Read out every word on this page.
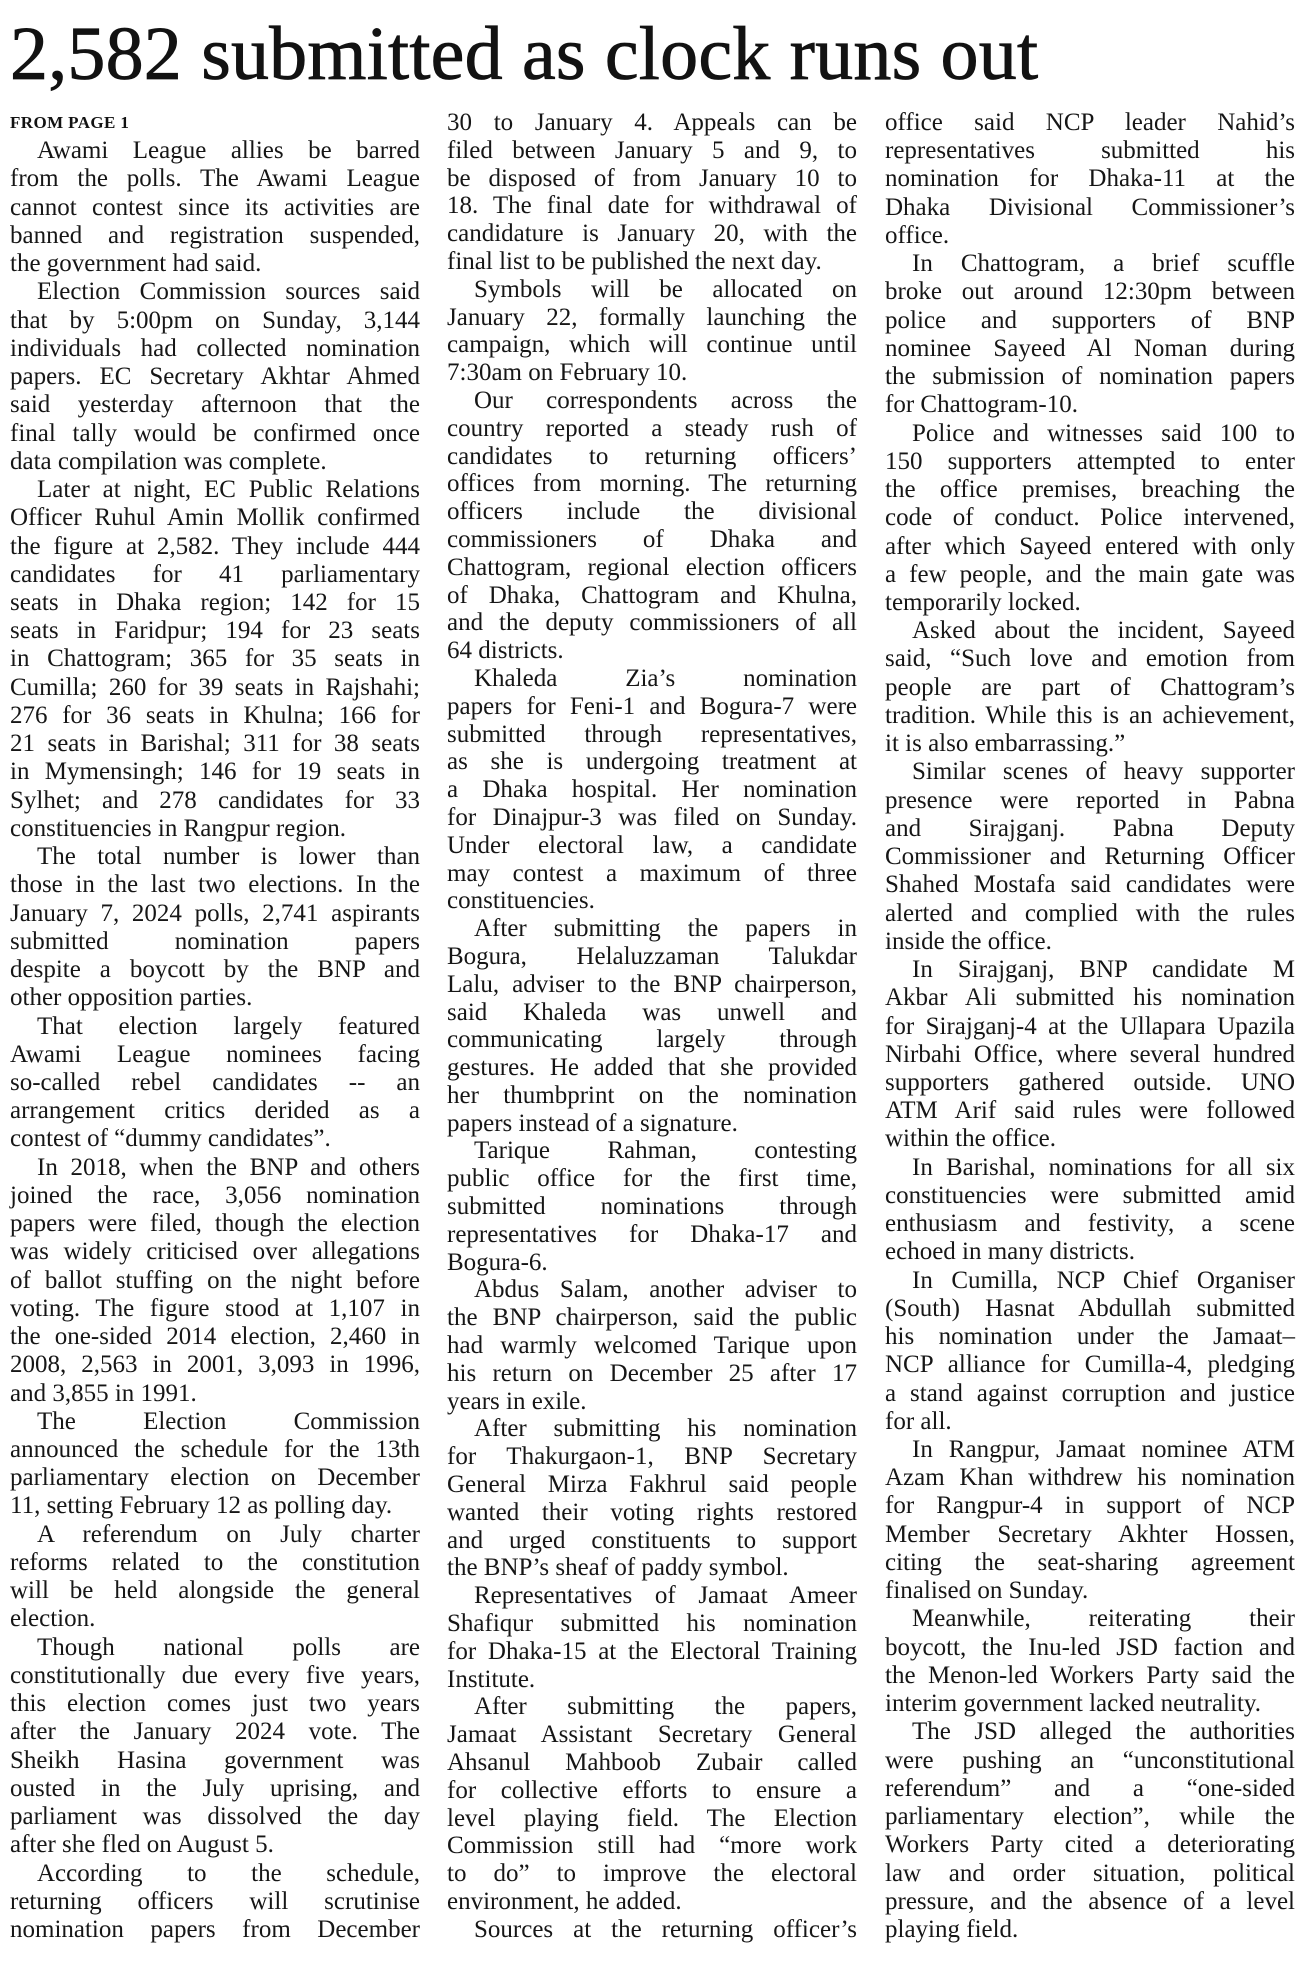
2,582 submitted as clock runs out
FROM PAGE 1
Awami League allies be barred
from the polls. The Awami League
cannot contest since its activities are
banned and registration suspended,
the government had said.
Election Commission sources said
that by 5:00pm on Sunday, 3,144
individuals had collected nomination
papers. EC Secretary Akhtar Ahmed
said yesterday afternoon that the
final tally would be confirmed once
data compilation was complete.
Later at night, EC Public Relations
Officer Ruhul Amin Mollik confirmed
the figure at 2,582. They include 444
candidates for 41 parliamentary
seats in Dhaka region; 142 for 15
seats in Faridpur; 194 for 23 seats
in Chattogram; 365 for 35 seats in
Cumilla; 260 for 39 seats in Rajshahi;
276 for 36 seats in Khulna; 166 for
21 seats in Barishal; 311 for 38 seats
in Mymensingh; 146 for 19 seats in
Sylhet; and 278 candidates for 33
constituencies in Rangpur region.
The total number is lower than
those in the last two elections. In the
January 7, 2024 polls, 2,741 aspirants
submitted nomination papers
despite a boycott by the BNP and
other opposition parties.
That election largely featured
Awami League nominees facing
so-called rebel candidates -- an
arrangement critics derided as a
contest of “dummy candidates”.
In 2018, when the BNP and others
joined the race, 3,056 nomination
papers were filed, though the election
was widely criticised over allegations
of ballot stuffing on the night before
voting. The figure stood at 1,107 in
the one-sided 2014 election, 2,460 in
2008, 2,563 in 2001, 3,093 in 1996,
and 3,855 in 1991.
The Election Commission
announced the schedule for the 13th
parliamentary election on December
11, setting February 12 as polling day.
A referendum on July charter
reforms related to the constitution
will be held alongside the general
election.
Though national polls are
constitutionally due every five years,
this election comes just two years
after the January 2024 vote. The
Sheikh Hasina government was
ousted in the July uprising, and
parliament was dissolved the day
after she fled on August 5.
According to the schedule,
returning officers will scrutinise
nomination papers from December
30 to January 4. Appeals can be
filed between January 5 and 9, to
be disposed of from January 10 to
18. The final date for withdrawal of
candidature is January 20, with the
final list to be published the next day.
Symbols will be allocated on
January 22, formally launching the
campaign, which will continue until
7:30am on February 10.
Our correspondents across the
country reported a steady rush of
candidates to returning officers’
offices from morning. The returning
officers include the divisional
commissioners of Dhaka and
Chattogram, regional election officers
of Dhaka, Chattogram and Khulna,
and the deputy commissioners of all
64 districts.
Khaleda Zia’s nomination
papers for Feni-1 and Bogura-7 were
submitted through representatives,
as she is undergoing treatment at
a Dhaka hospital. Her nomination
for Dinajpur-3 was filed on Sunday.
Under electoral law, a candidate
may contest a maximum of three
constituencies.
After submitting the papers in
Bogura, Helaluzzaman Talukdar
Lalu, adviser to the BNP chairperson,
said Khaleda was unwell and
communicating largely through
gestures. He added that she provided
her thumbprint on the nomination
papers instead of a signature.
Tarique Rahman, contesting
public office for the first time,
submitted nominations through
representatives for Dhaka-17 and
Bogura-6.
Abdus Salam, another adviser to
the BNP chairperson, said the public
had warmly welcomed Tarique upon
his return on December 25 after 17
years in exile.
After submitting his nomination
for Thakurgaon-1, BNP Secretary
General Mirza Fakhrul said people
wanted their voting rights restored
and urged constituents to support
the BNP’s sheaf of paddy symbol.
Representatives of Jamaat Ameer
Shafiqur submitted his nomination
for Dhaka-15 at the Electoral Training
Institute.
After submitting the papers,
Jamaat Assistant Secretary General
Ahsanul Mahboob Zubair called
for collective efforts to ensure a
level playing field. The Election
Commission still had “more work
to do” to improve the electoral
environment, he added.
Sources at the returning officer’s
office said NCP leader Nahid’s
representatives submitted his
nomination for Dhaka-11 at the
Dhaka Divisional Commissioner’s
office.
In Chattogram, a brief scuffle
broke out around 12:30pm between
police and supporters of BNP
nominee Sayeed Al Noman during
the submission of nomination papers
for Chattogram-10.
Police and witnesses said 100 to
150 supporters attempted to enter
the office premises, breaching the
code of conduct. Police intervened,
after which Sayeed entered with only
a few people, and the main gate was
temporarily locked.
Asked about the incident, Sayeed
said, “Such love and emotion from
people are part of Chattogram’s
tradition. While this is an achievement,
it is also embarrassing.”
Similar scenes of heavy supporter
presence were reported in Pabna
and Sirajganj. Pabna Deputy
Commissioner and Returning Officer
Shahed Mostafa said candidates were
alerted and complied with the rules
inside the office.
In Sirajganj, BNP candidate M
Akbar Ali submitted his nomination
for Sirajganj-4 at the Ullapara Upazila
Nirbahi Office, where several hundred
supporters gathered outside. UNO
ATM Arif said rules were followed
within the office.
In Barishal, nominations for all six
constituencies were submitted amid
enthusiasm and festivity, a scene
echoed in many districts.
In Cumilla, NCP Chief Organiser
(South) Hasnat Abdullah submitted
his nomination under the Jamaat–
NCP alliance for Cumilla-4, pledging
a stand against corruption and justice
for all.
In Rangpur, Jamaat nominee ATM
Azam Khan withdrew his nomination
for Rangpur-4 in support of NCP
Member Secretary Akhter Hossen,
citing the seat-sharing agreement
finalised on Sunday.
Meanwhile, reiterating their
boycott, the Inu-led JSD faction and
the Menon-led Workers Party said the
interim government lacked neutrality.
The JSD alleged the authorities
were pushing an “unconstitutional
referendum” and a “one-sided
parliamentary election”, while the
Workers Party cited a deteriorating
law and order situation, political
pressure, and the absence of a level
playing field.
